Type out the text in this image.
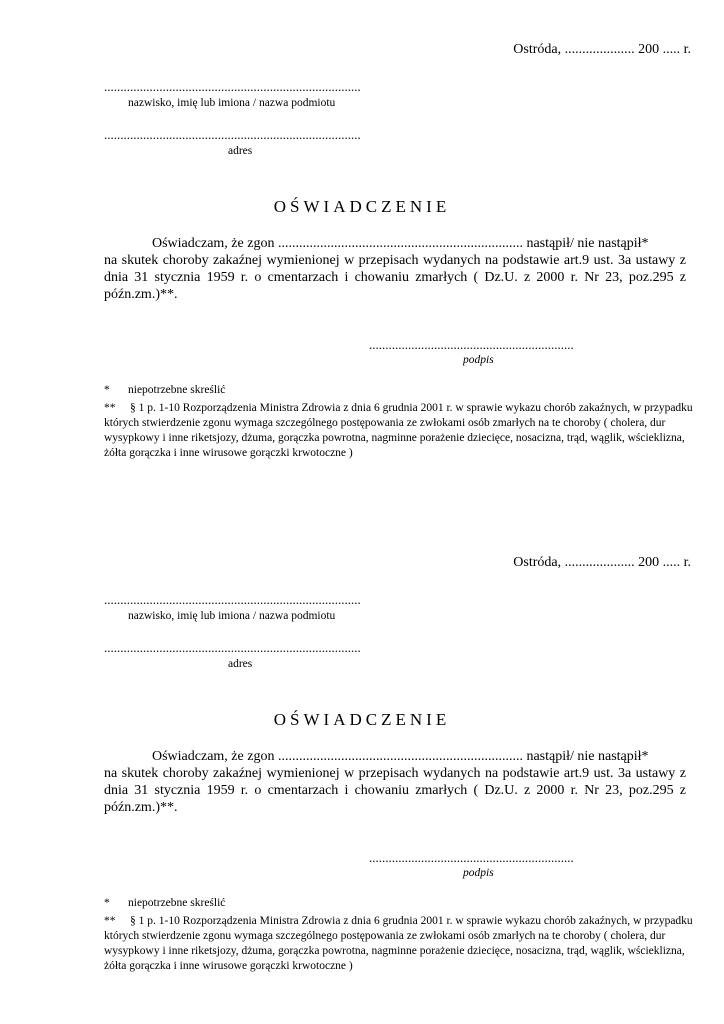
Ostróda, .................... 200 ..... r.
...............................................................................
nazwisko, imię lub imiona / nazwa podmiotu
...............................................................................
adres
OŚWIADCZENIE
Oświadczam, że zgon ...................................................................... nastąpił/ nie nastąpił*
na skutek choroby zakaźnej wymienionej w przepisach wydanych na podstawie art.9 ust. 3a ustawy z dnia 31 stycznia 1959 r. o cmentarzach i chowaniu zmarłych ( Dz.U. z 2000 r. Nr 23, poz.295 z późn.zm.)**.
...............................................................
podpis
* niepotrzebne skreślić
** § 1 p. 1-10 Rozporządzenia Ministra Zdrowia z dnia 6 grudnia 2001 r. w sprawie wykazu chorób zakaźnych, w przypadku których stwierdzenie zgonu wymaga szczególnego postępowania ze zwłokami osób zmarłych na te choroby ( cholera, dur wysypkowy i inne riketsjozy, dżuma, gorączka powrotna, nagminne porażenie dziecięce, nosacizna, trąd, wąglik, wścieklizna, żółta gorączka i inne wirusowe gorączki krwotoczne )
Ostróda, .................... 200 ..... r.
...............................................................................
nazwisko, imię lub imiona / nazwa podmiotu
...............................................................................
adres
OŚWIADCZENIE
Oświadczam, że zgon ...................................................................... nastąpił/ nie nastąpił*
na skutek choroby zakaźnej wymienionej w przepisach wydanych na podstawie art.9 ust. 3a ustawy z dnia 31 stycznia 1959 r. o cmentarzach i chowaniu zmarłych ( Dz.U. z 2000 r. Nr 23, poz.295 z późn.zm.)**.
...............................................................
podpis
* niepotrzebne skreślić
** § 1 p. 1-10 Rozporządzenia Ministra Zdrowia z dnia 6 grudnia 2001 r. w sprawie wykazu chorób zakaźnych, w przypadku których stwierdzenie zgonu wymaga szczególnego postępowania ze zwłokami osób zmarłych na te choroby ( cholera, dur wysypkowy i inne riketsjozy, dżuma, gorączka powrotna, nagminne porażenie dziecięce, nosacizna, trąd, wąglik, wścieklizna, żółta gorączka i inne wirusowe gorączki krwotoczne )
